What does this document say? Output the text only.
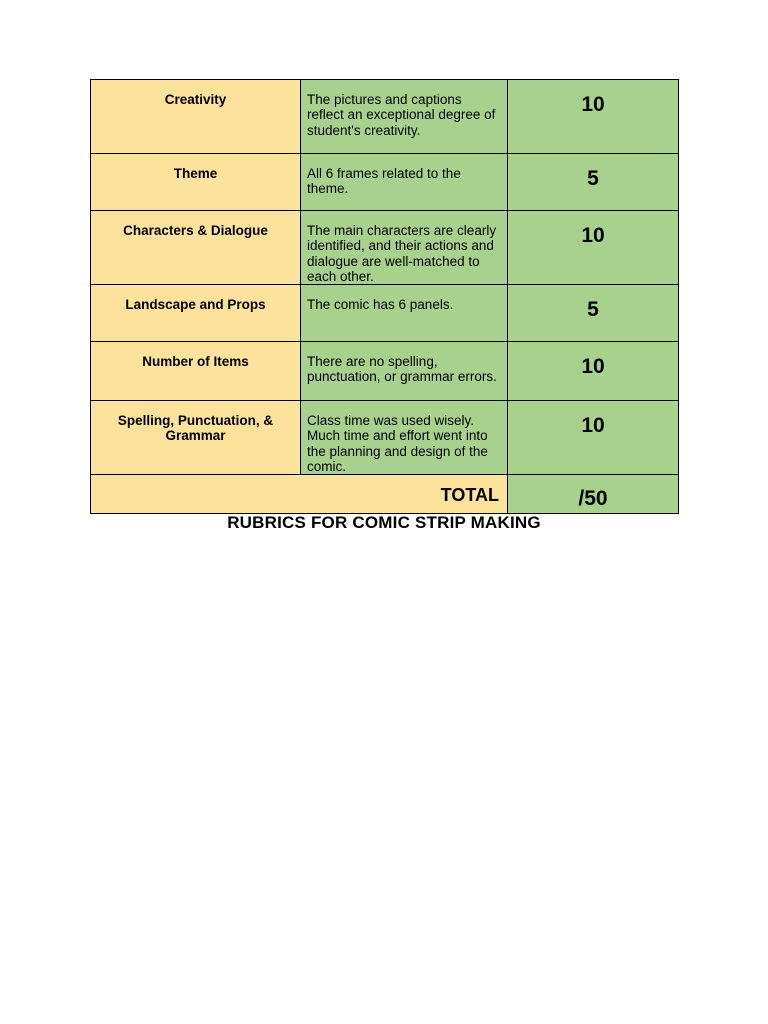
Creativity	The pictures and captions reflect an exceptional degree of student's creativity.	10
Theme	All 6 frames related to the theme.	5
Characters & Dialogue	The main characters are clearly identified, and their actions and dialogue are well-matched to each other.	10
Landscape and Props	The comic has 6 panels.	5
Number of Items	There are no spelling, punctuation, or grammar errors.	10
Spelling, Punctuation, & Grammar	Class time was used wisely. Much time and effort went into the planning and design of the comic.	10
TOTAL		/50
RUBRICS FOR COMIC STRIP MAKING
